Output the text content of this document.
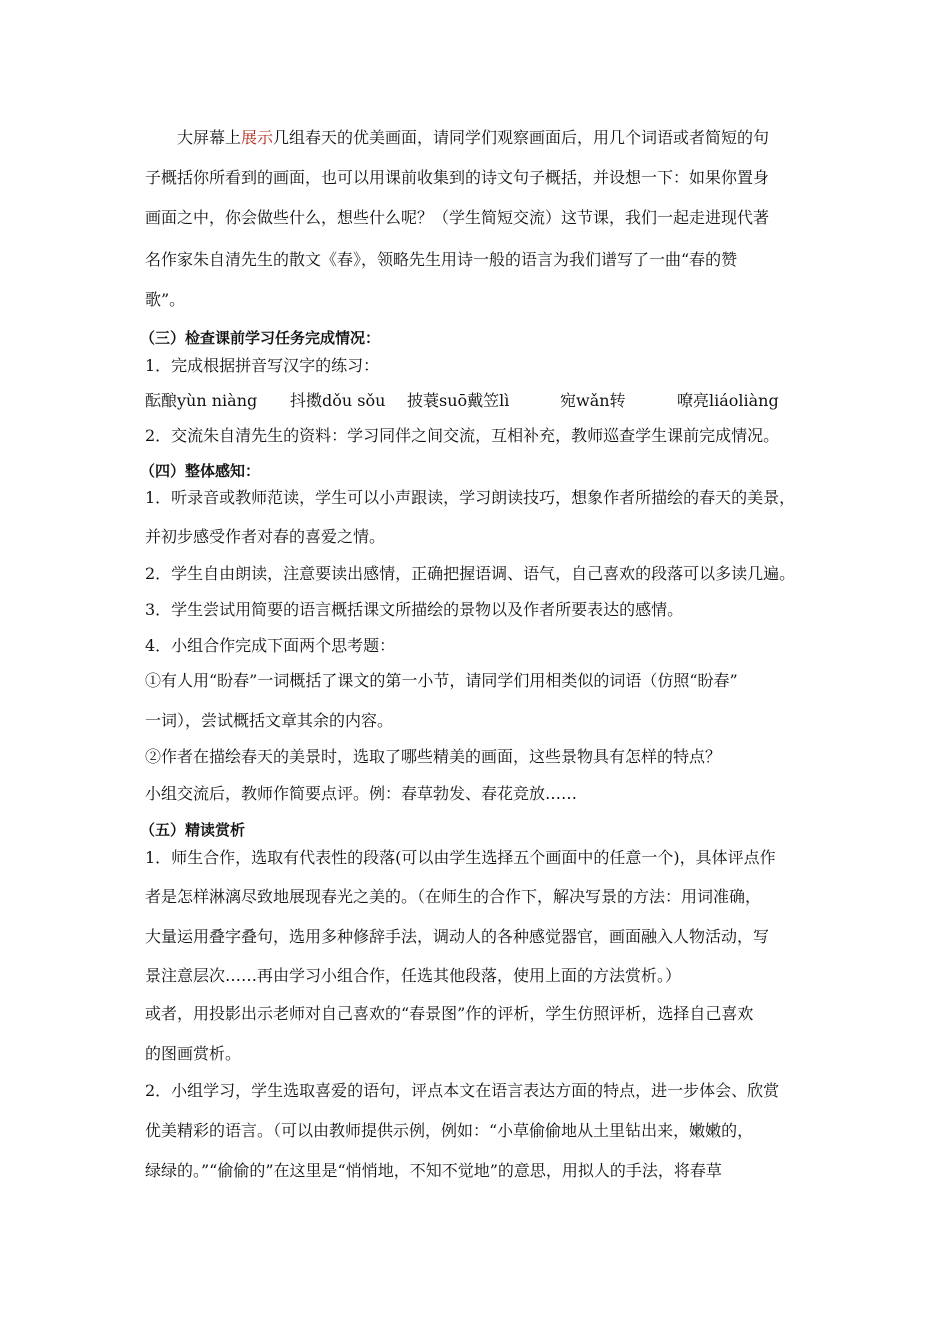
大屏幕上展示几组春天的优美画面，请同学们观察画面后，用几个词语或者简短的句
子概括你所看到的画面，也可以用课前收集到的诗文句子概括，并设想一下：如果你置身
画面之中，你会做些什么，想些什么呢？（学生简短交流）这节课，我们一起走进现代著
名作家朱自清先生的散文《春》，领略先生用诗一般的语言为我们谱写了一曲“春的赞
歌”。
（三）检查课前学习任务完成情况：
1．完成根据拼音写汉字的练习：
酝酿yùn niàng 抖擞dǒu sǒu 披蓑suō戴笠lì	宛wǎn转	嘹亮liáoliàng
2．交流朱自清先生的资料：学习同伴之间交流，互相补充，教师巡查学生课前完成情况。
（四）整体感知：
1．听录音或教师范读，学生可以小声跟读，学习朗读技巧，想象作者所描绘的春天的美景，
并初步感受作者对春的喜爱之情。
2．学生自由朗读，注意要读出感情，正确把握语调、语气，自己喜欢的段落可以多读几遍。
3．学生尝试用简要的语言概括课文所描绘的景物以及作者所要表达的感情。
4．小组合作完成下面两个思考题：
①有人用“盼春”一词概括了课文的第一小节，请同学们用相类似的词语（仿照“盼春”
一词），尝试概括文章其余的内容。
②作者在描绘春天的美景时，选取了哪些精美的画面，这些景物具有怎样的特点？
小组交流后，教师作简要点评。例：春草勃发、春花竞放……
（五）精读赏析
1．师生合作，选取有代表性的段落(可以由学生选择五个画面中的任意一个)，具体评点作
者是怎样淋漓尽致地展现春光之美的。（在师生的合作下，解决写景的方法：用词准确，
大量运用叠字叠句，选用多种修辞手法，调动人的各种感觉器官，画面融入人物活动，写
景注意层次……再由学习小组合作，任选其他段落，使用上面的方法赏析。）
或者，用投影出示老师对自己喜欢的“春景图”作的评析，学生仿照评析，选择自己喜欢
的图画赏析。
2．小组学习，学生选取喜爱的语句，评点本文在语言表达方面的特点，进一步体会、欣赏
优美精彩的语言。（可以由教师提供示例，例如：“小草偷偷地从土里钻出来，嫩嫩的，
绿绿的。”“偷偷的”在这里是“悄悄地，不知不觉地”的意思，用拟人的手法，将春草
